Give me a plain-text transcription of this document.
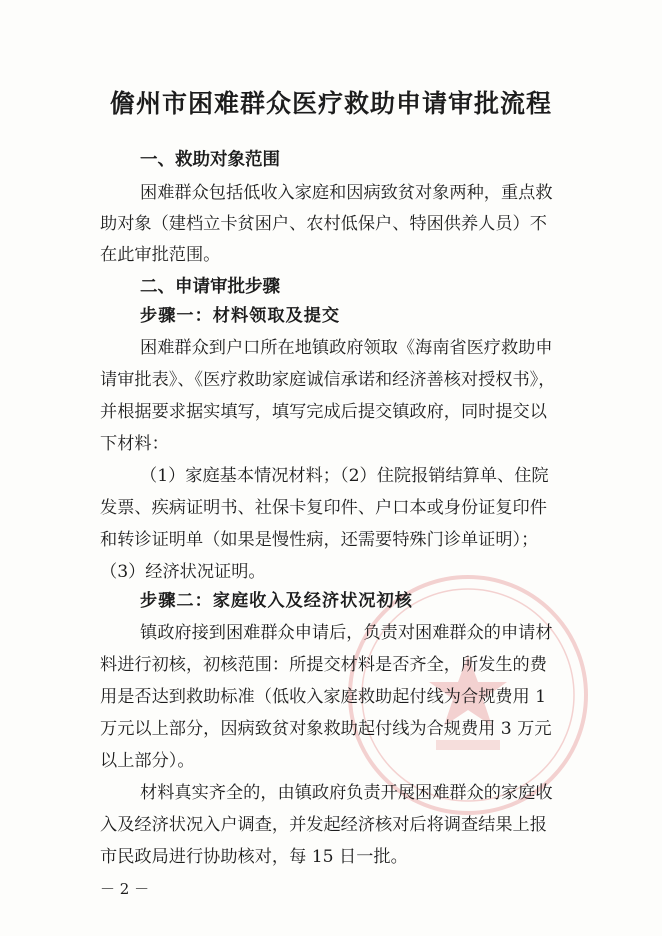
儋州市困难群众医疗救助申请审批流程
一、救助对象范围
困难群众包括低收入家庭和因病致贫对象两种，重点救
助对象（建档立卡贫困户、农村低保户、特困供养人员）不
在此审批范围。
二、申请审批步骤
步骤一：材料领取及提交
困难群众到户口所在地镇政府领取《海南省医疗救助申
请审批表》、《医疗救助家庭诚信承诺和经济善核对授权书》，
并根据要求据实填写，填写完成后提交镇政府，同时提交以
下材料：
（1）家庭基本情况材料；（2）住院报销结算单、住院
发票、疾病证明书、社保卡复印件、户口本或身份证复印件
和转诊证明单（如果是慢性病，还需要特殊门诊单证明）；
（3）经济状况证明。
步骤二：家庭收入及经济状况初核
镇政府接到困难群众申请后，负责对困难群众的申请材
料进行初核，初核范围：所提交材料是否齐全，所发生的费
用是否达到救助标准（低收入家庭救助起付线为合规费用 1
万元以上部分，因病致贫对象救助起付线为合规费用 3 万元
以上部分）。
材料真实齐全的，由镇政府负责开展困难群众的家庭收
入及经济状况入户调查，并发起经济核对后将调查结果上报
市民政局进行协助核对，每 15 日一批。
－ 2 －
